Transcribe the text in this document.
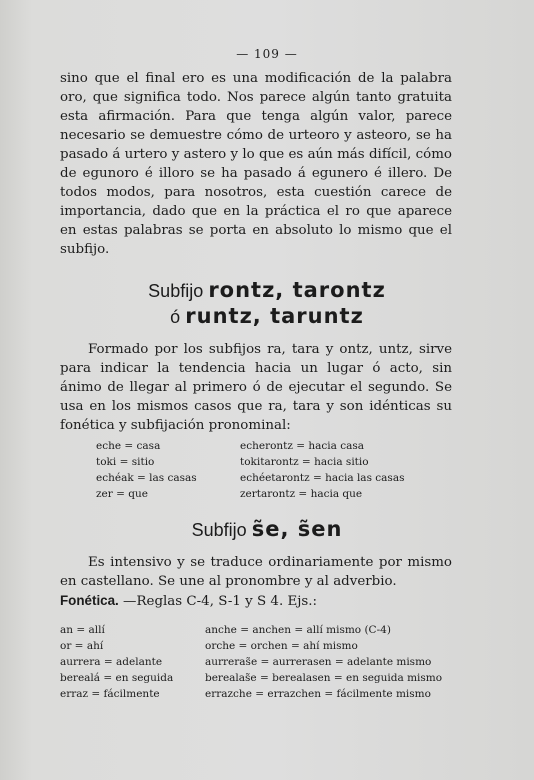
— 109 —
sino que el final ero es una modificación de la palabra oro, que significa todo. Nos parece algún tanto gratuita esta afirmación. Para que tenga algún valor, parece necesario se demuestre cómo de urteoro y asteoro, se ha pasado á urtero y astero y lo que es aún más difícil, cómo de egunoro é illoro se ha pasado á egunero é illero. De todos modos, para nosotros, esta cuestión carece de importancia, dado que en la práctica el ro que aparece en estas palabras se porta en absoluto lo mismo que el subfijo.
Subfijo rontz, tarontz
ó runtz, taruntz
Formado por los subfijos ra, tara y ontz, untz, sirve para indicar la tendencia hacia un lugar ó acto, sin ánimo de llegar al primero ó de ejecutar el segundo. Se usa en los mismos casos que ra, tara y son idénticas su fonética y subfijación pronominal:
eche = casa
toki = sitio
echéak = las casas
zer = que
echerontz = hacia casa
tokitarontz = hacia sitio
echéetarontz = hacia las casas
zertarontz = hacia que
Subfijo s̃e, s̃en
Es intensivo y se traduce ordinariamente por mismo en castellano. Se une al pronombre y al adverbio.
Fonética. —Reglas C-4, S-1 y S 4. Ejs.:
an = allí
or = ahí
aurrera = adelante
berealá = en seguida
erraz = fácilmente
anche = anchen = allí mismo (C-4)
orche = orchen = ahí mismo
aurreras̃e = aurrerasen = adelante mismo
berealas̃e = berealasen = en seguida mismo
errazche = errazchen = fácilmente mismo
